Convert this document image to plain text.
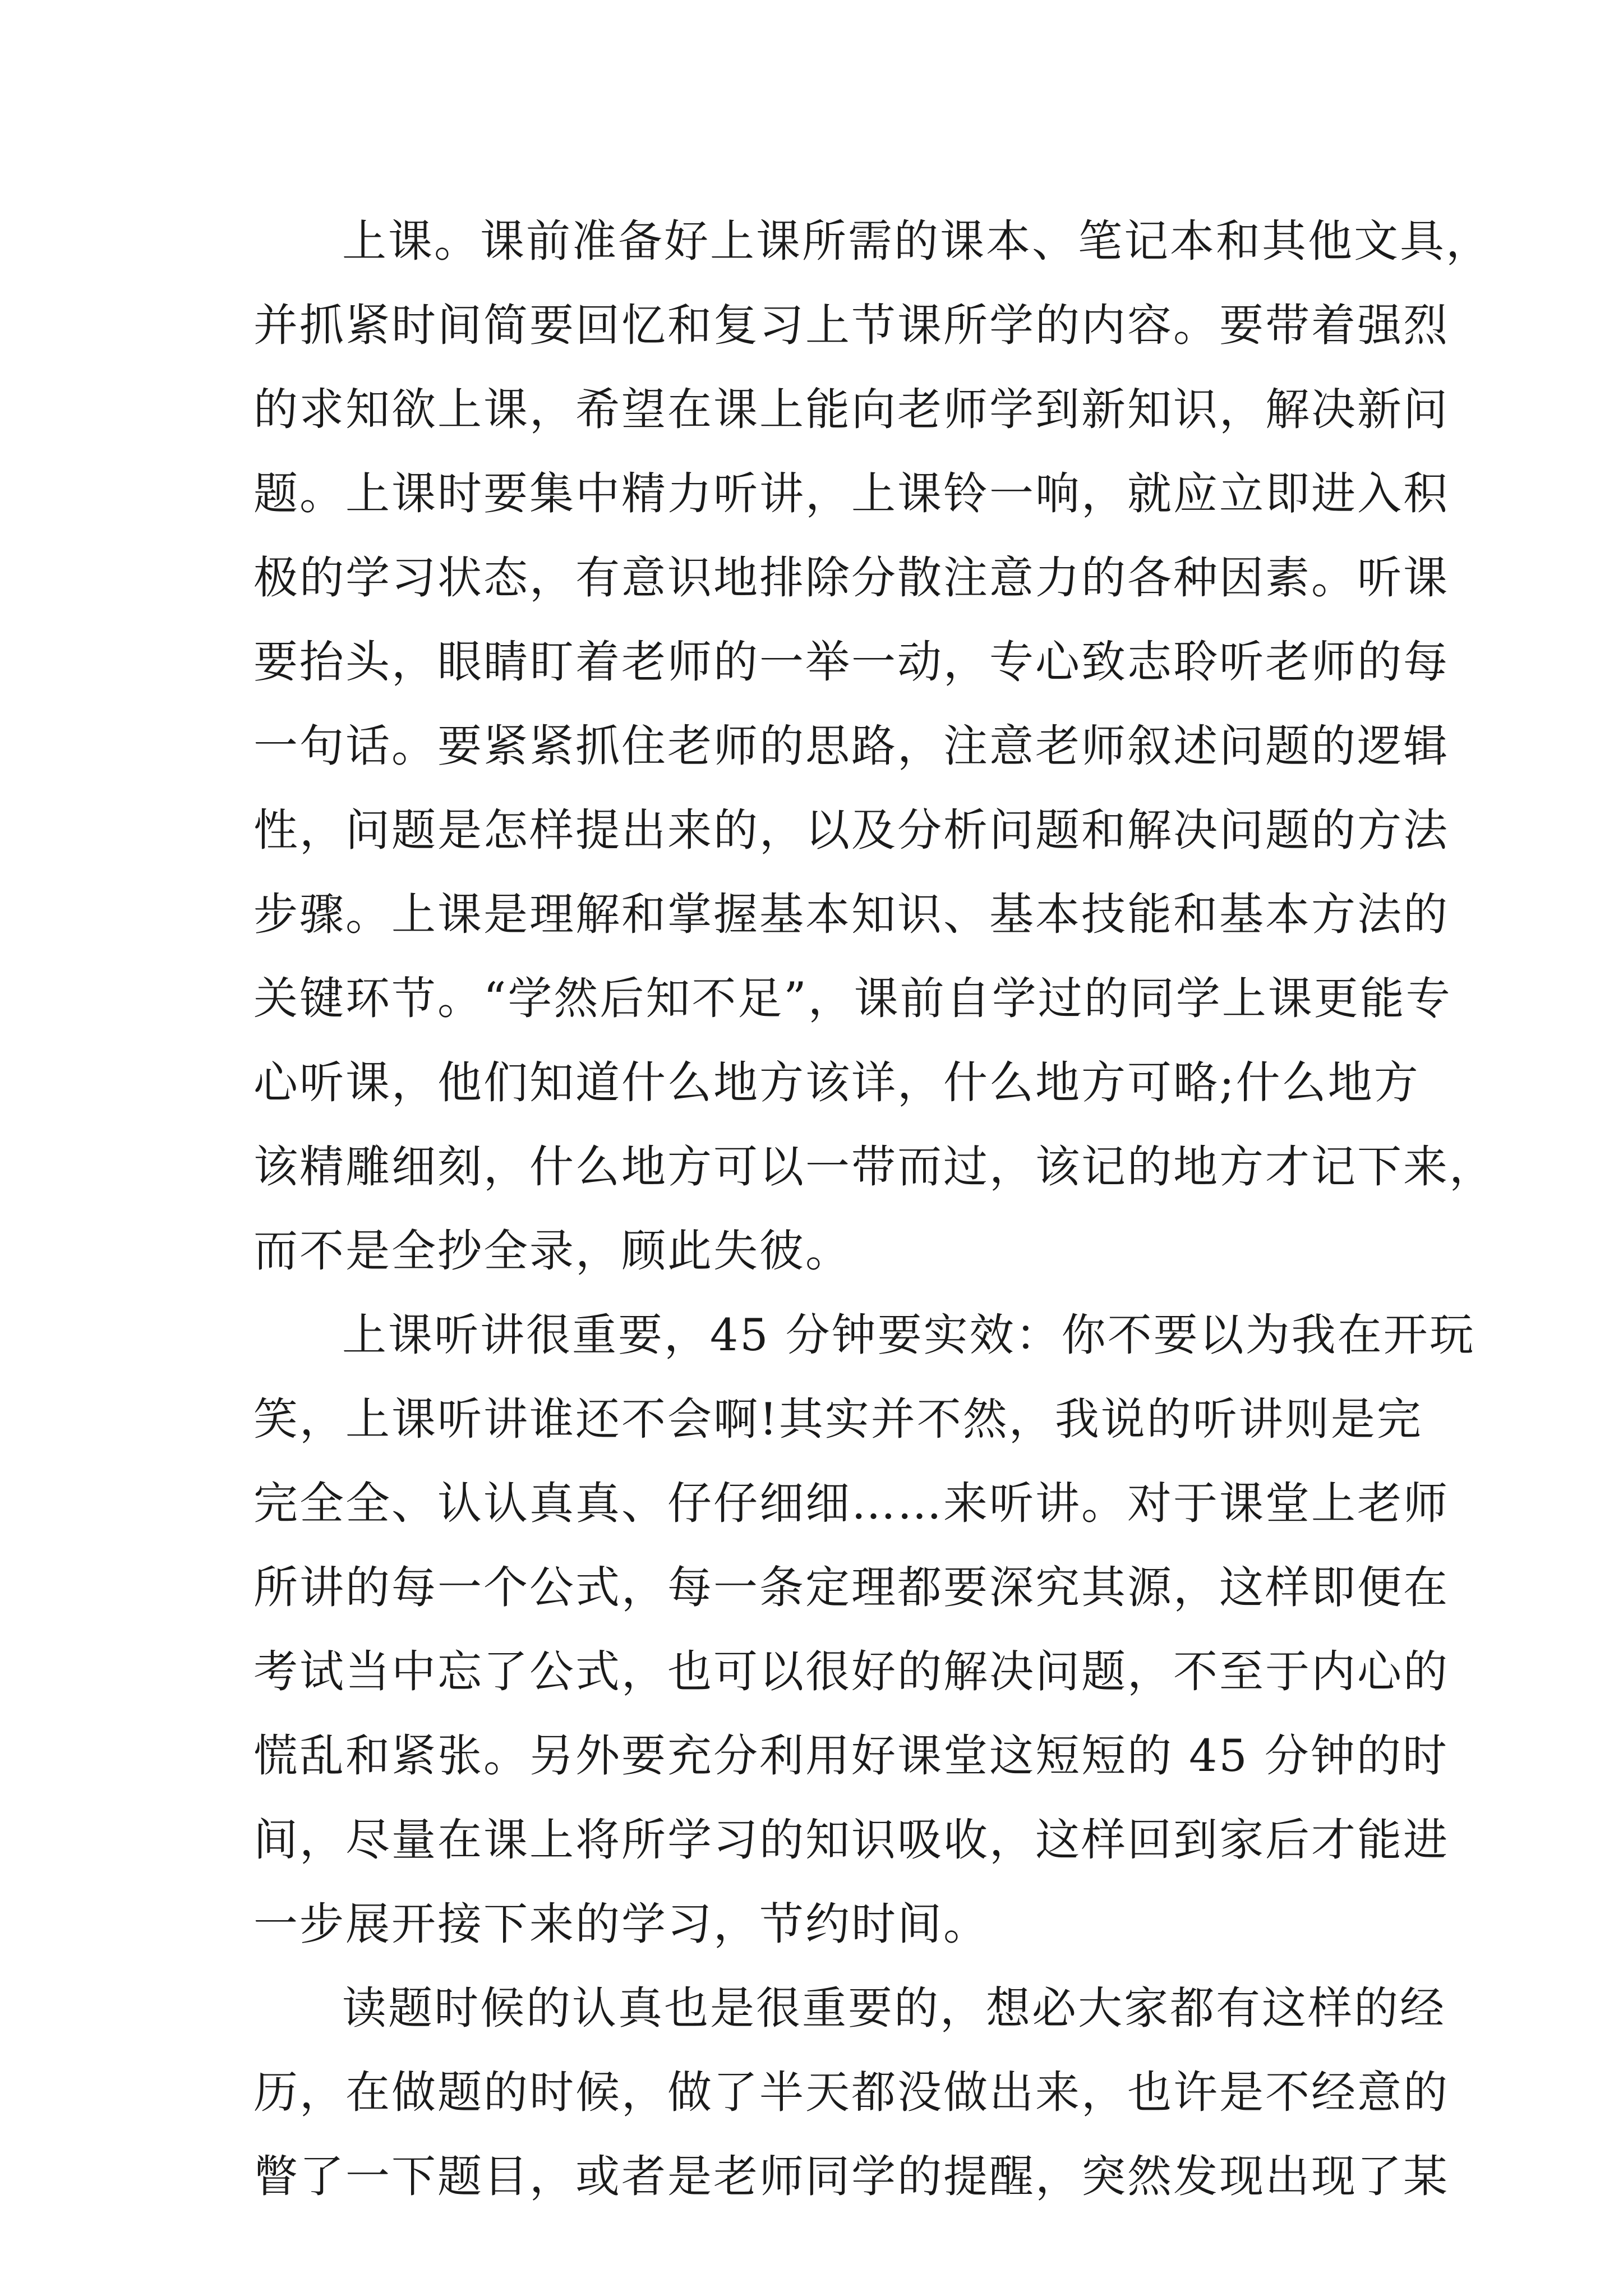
上课。课前准备好上课所需的课本、笔记本和其他文具，
并抓紧时间简要回忆和复习上节课所学的内容。要带着强烈
的求知欲上课，希望在课上能向老师学到新知识，解决新问
题。上课时要集中精力听讲，上课铃一响，就应立即进入积
极的学习状态，有意识地排除分散注意力的各种因素。听课
要抬头，眼睛盯着老师的一举一动，专心致志聆听老师的每
一句话。要紧紧抓住老师的思路，注意老师叙述问题的逻辑
性，问题是怎样提出来的，以及分析问题和解决问题的方法
步骤。上课是理解和掌握基本知识、基本技能和基本方法的
关键环节。“学然后知不足”，课前自学过的同学上课更能专
心听课，他们知道什么地方该详，什么地方可略;什么地方
该精雕细刻，什么地方可以一带而过，该记的地方才记下来，
而不是全抄全录，顾此失彼。
上课听讲很重要，45 分钟要实效：你不要以为我在开玩
笑，上课听讲谁还不会啊!其实并不然，我说的听讲则是完
完全全、认认真真、仔仔细细……来听讲。对于课堂上老师
所讲的每一个公式，每一条定理都要深究其源，这样即便在
考试当中忘了公式，也可以很好的解决问题，不至于内心的
慌乱和紧张。另外要充分利用好课堂这短短的 45 分钟的时
间，尽量在课上将所学习的知识吸收，这样回到家后才能进
一步展开接下来的学习，节约时间。
读题时候的认真也是很重要的，想必大家都有这样的经
历，在做题的时候，做了半天都没做出来，也许是不经意的
瞥了一下题目，或者是老师同学的提醒，突然发现出现了某
